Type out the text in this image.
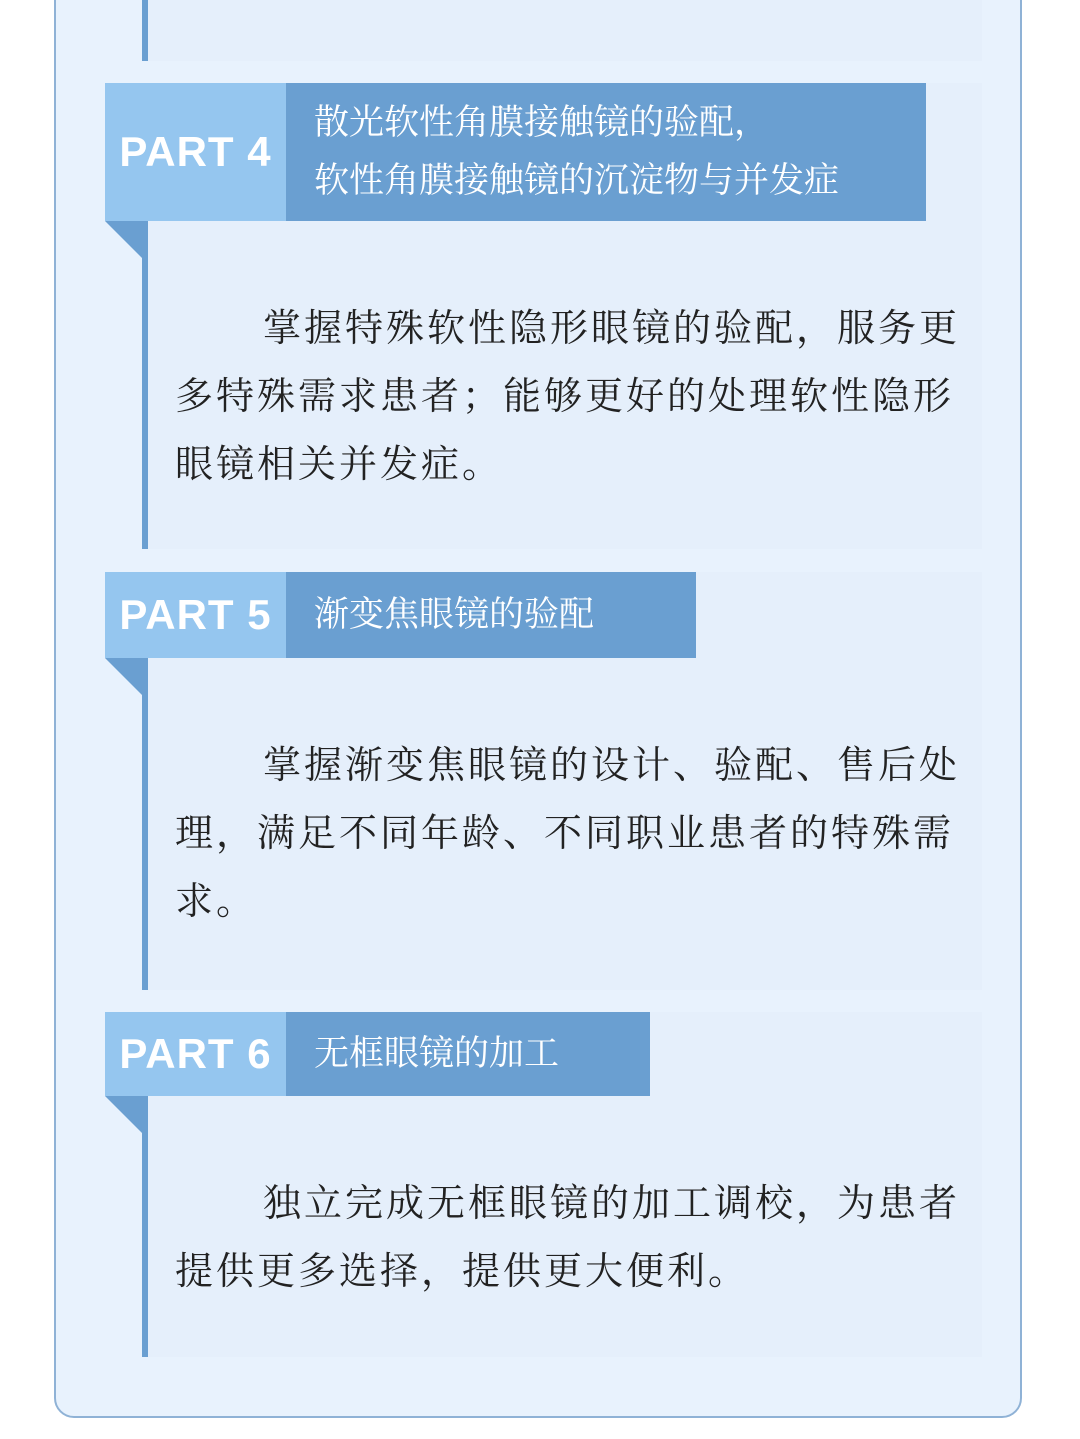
PART 4
散光软性角膜接触镜的验配，
软性角膜接触镜的沉淀物与并发症

掌握特殊软性隐形眼镜的验配，服务更多特殊需求患者；能够更好的处理软性隐形眼镜相关并发症。

PART 5	渐变焦眼镜的验配

掌握渐变焦眼镜的设计、验配、售后处理，满足不同年龄、不同职业患者的特殊需求。

PART 6	无框眼镜的加工

独立完成无框眼镜的加工调校，为患者提供更多选择，提供更大便利。
